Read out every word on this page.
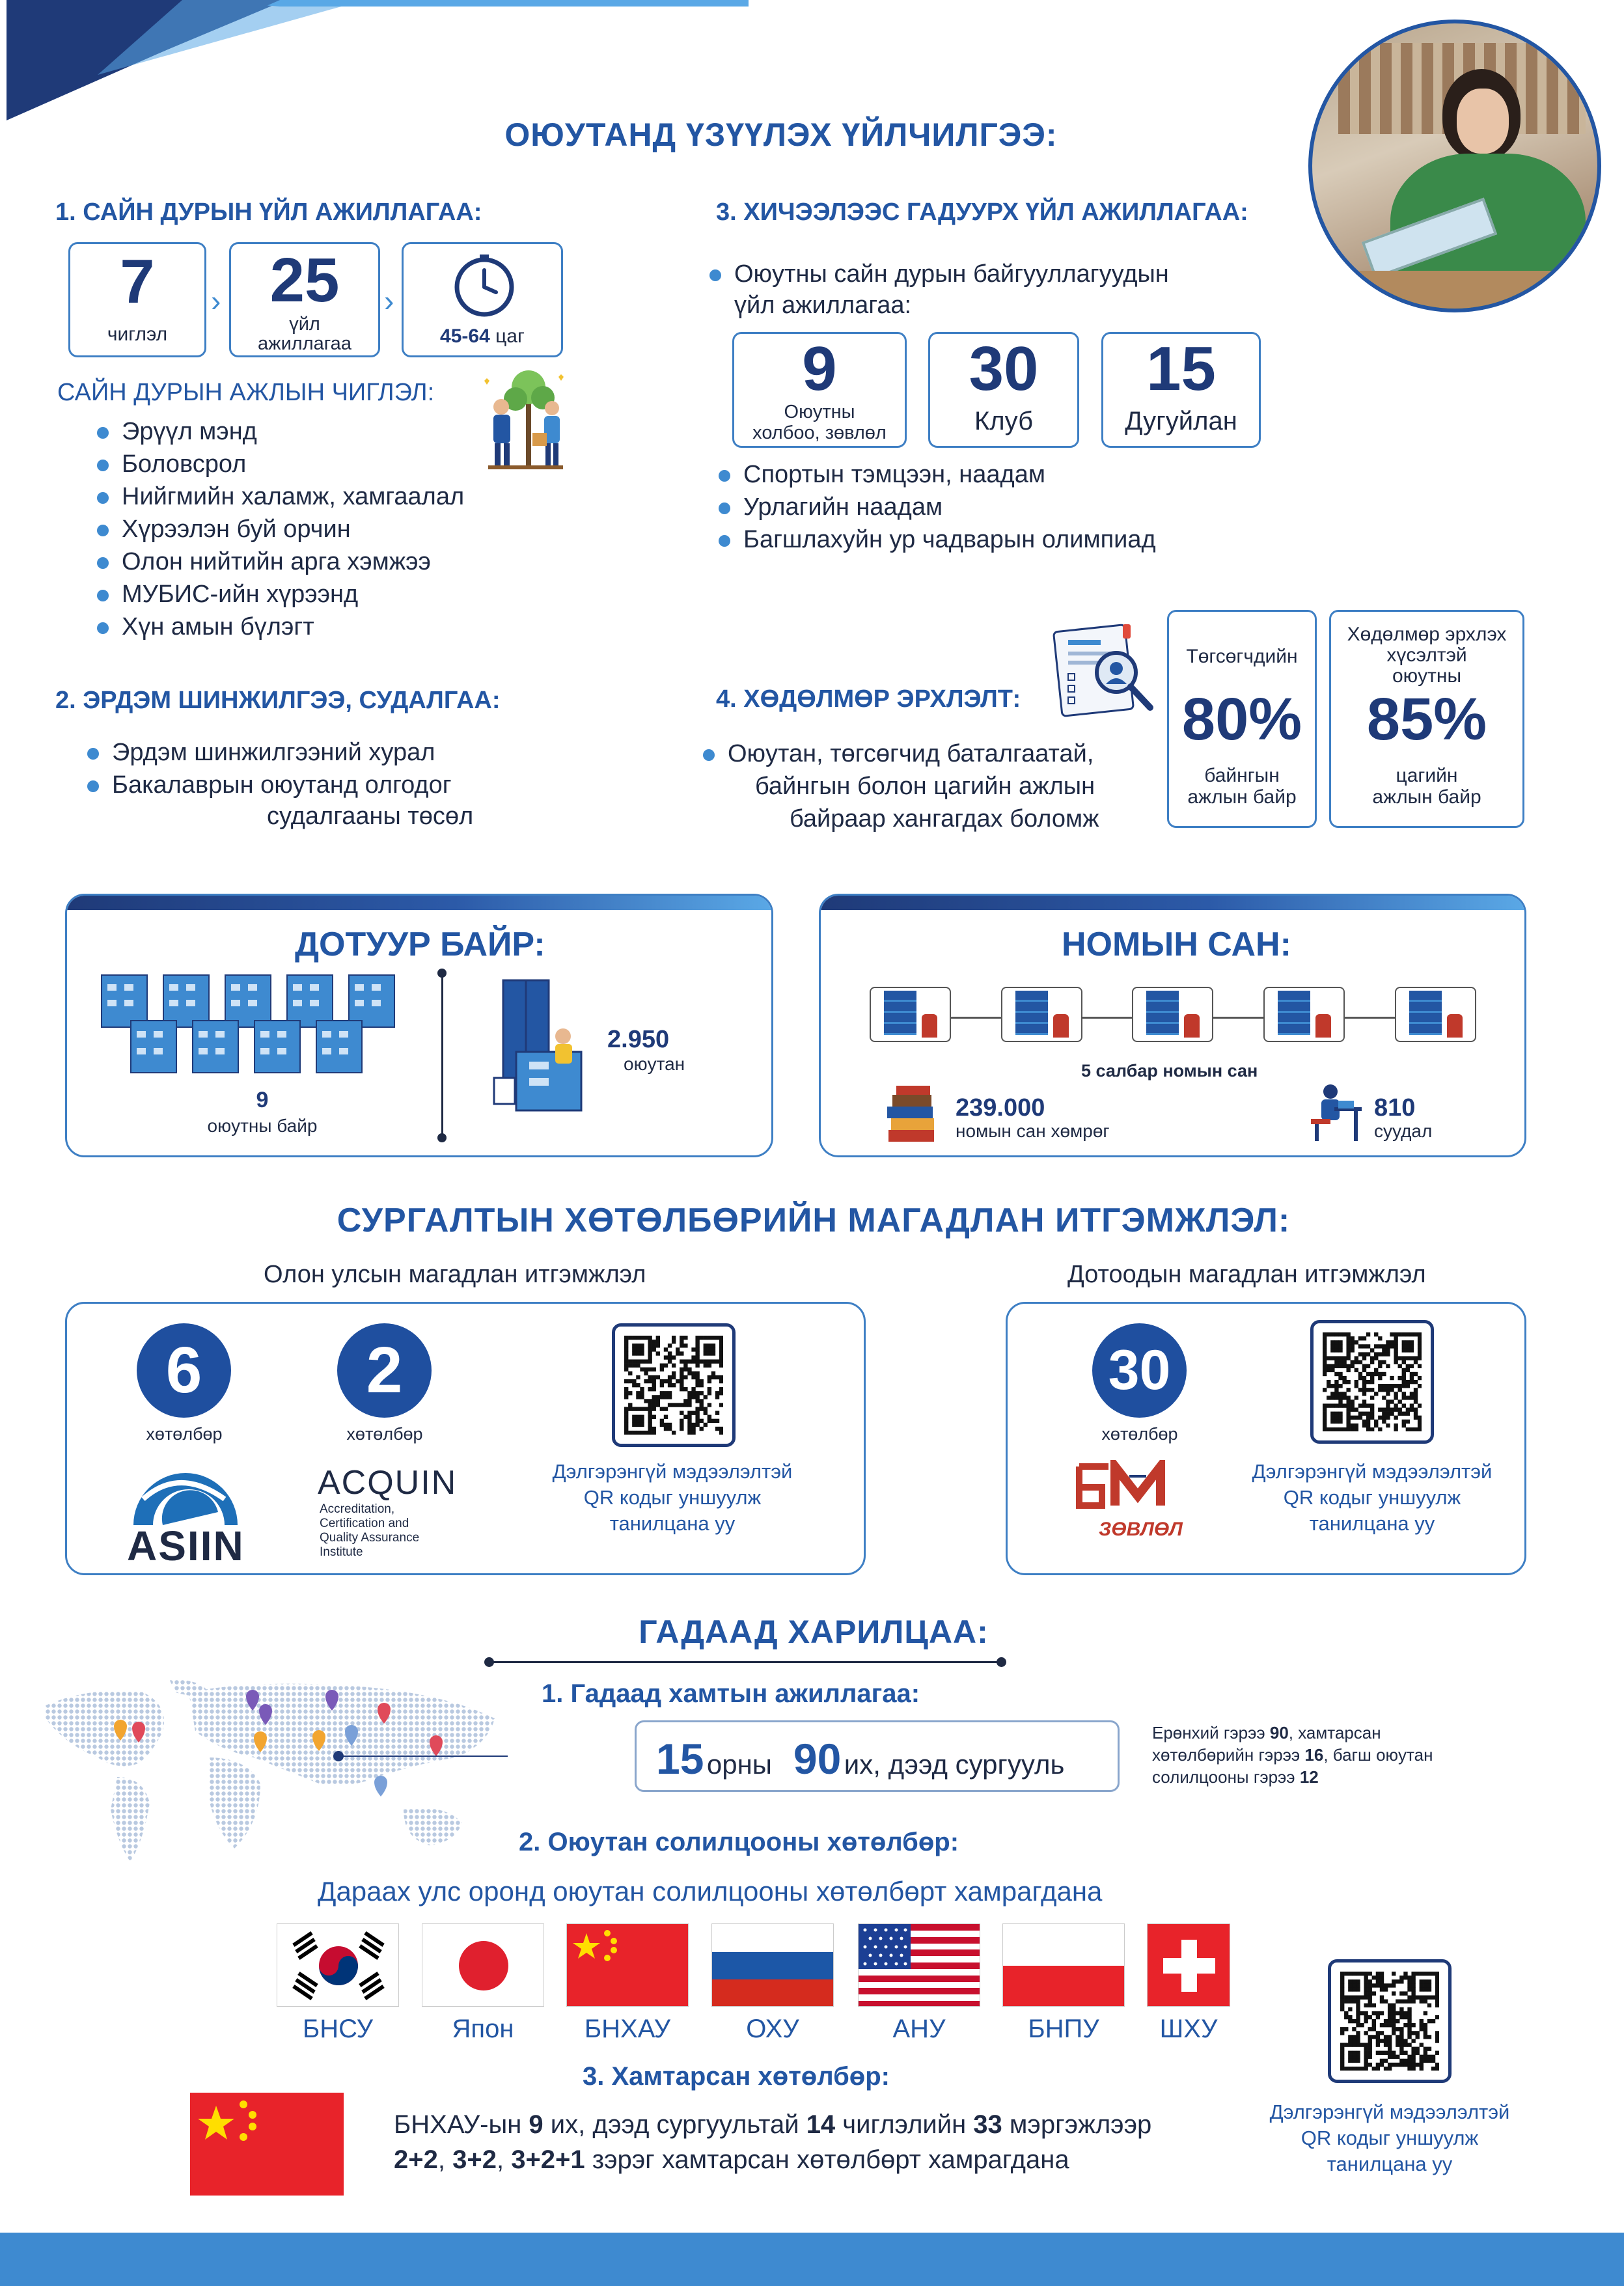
ОЮУТАНД ҮЗҮҮЛЭХ ҮЙЛЧИЛГЭЭ:
1. САЙН ДУРЫН ҮЙЛ АЖИЛЛАГАА:
7
чиглэл
› 25
үйл ажиллагаа
›
45-64 цаг
САЙН ДУРЫН АЖЛЫН ЧИГЛЭЛ:
Эрүүл мэнд
Боловсрол
Нийгмийн халамж, хамгаалал
Хүрээлэн буй орчин
Олон нийтийн арга хэмжээ
МУБИС-ийн хүрээнд
Хүн амын бүлэгт
2. ЭРДЭМ ШИНЖИЛГЭЭ, СУДАЛГАА:
Эрдэм шинжилгээний хурал
Бакалаврын оюутанд олгодог
судалгааны төсөл
3. ХИЧЭЭЛЭЭС ГАДУУРХ ҮЙЛ АЖИЛЛАГАА:
Оюутны сайн дурын байгууллагуудын
үйл ажиллагаа:
9
Оюутны
холбоо, зөвлөл
30
Клуб
15
Дугуйлан
Спортын тэмцээн, наадам
Урлагийн наадам
Багшлахуйн ур чадварын олимпиад
4. ХӨДӨЛМӨР ЭРХЛЭЛТ:
Оюутан, төгсөгчид баталгаатай,
байнгын болон цагийн ажлын
байраар хангагдах боломж
Төгсөгчдийн
80%
байнгын
ажлын байр
Хөдөлмөр эрхлэх
хүсэлтэй
оюутны
85%
цагийн
ажлын байр
ДОТУУР БАЙР:
9
оюутны байр
2.950
оюутан
НОМЫН САН:
5 салбар номын сан
239.000
номын сан хөмрөг
810
суудал
СУРГАЛТЫН ХӨТӨЛБӨРИЙН МАГАДЛАН ИТГЭМЖЛЭЛ:
Олон улсын магадлан итгэмжлэл	Дотоодын магадлан итгэмжлэл
6
хөтөлбөр
ASIIN
2
хөтөлбөр
ACQUIN
Accreditation,
Certification and
Quality Assurance
Institute
Дэлгэрэнгүй мэдээлэлтэй
QR кодыг уншуулж
танилцана уу
30
хөтөлбөр
ЗӨВЛӨЛ
Дэлгэрэнгүй мэдээлэлтэй
QR кодыг уншуулж
танилцана уу
ГАДААД ХАРИЛЦАА:
1. Гадаад хамтын ажиллагаа:
15 орны 90 их, дээд сургууль
Ерөнхий гэрээ 90, хамтарсан
хөтөлбөрийн гэрээ 16, багш оюутан
солилцооны гэрээ 12
2. Оюутан солилцооны хөтөлбөр:
Дараах улс оронд оюутан солилцооны хөтөлбөрт хамрагдана
БНСУ	Япон	БНХАУ	ОХУ	АНУ	БНПУ	ШХУ
3. Хамтарсан хөтөлбөр:
БНХАУ-ын 9 их, дээд сургуультай 14 чиглэлийн 33 мэргэжлээр
2+2, 3+2, 3+2+1 зэрэг хамтарсан хөтөлбөрт хамрагдана
Дэлгэрэнгүй мэдээлэлтэй
QR кодыг уншуулж
танилцана уу
